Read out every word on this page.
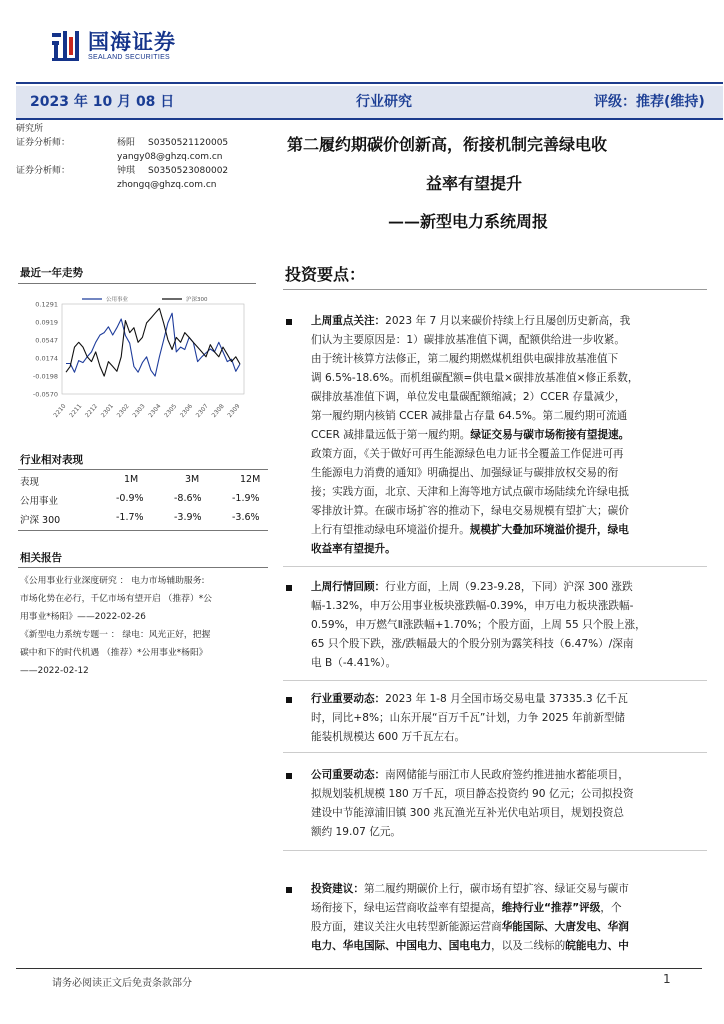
国海证券
SEALAND SECURITIES
2023 年 10 月 08 日	行业研究	评级：推荐(维持)
研究所
证券分析师：	杨阳 S0350521120005
yangy08@ghzq.com.cn
证券分析师：	钟琪 S0350523080002
zhongq@ghzq.com.cn
第二履约期碳价创新高，衔接机制完善绿电收
益率有望提升
——新型电力系统周报
最近一年走势
0.1291
0.0919
0.0547
0.0174
-0.0198
-0.0570
2210 2211 2212 2301 2302 2303 2304 2305 2306 2307 2308 2309
公用事业	沪深300
行业相对表现
表现	1M	3M	12M
公用事业	-0.9%	-8.6%	-1.9%
沪深 300	-1.7%	-3.9%	-3.6%
相关报告
《公用事业行业深度研究 ： 电力市场辅助服务:
市场化势在必行，千亿市场有望开启 （推荐）*公
用事业*杨阳》——2022-02-26
《新型电力系统专题一 ： 绿电：风光正好，把握
碳中和下的时代机遇 （推荐）*公用事业*杨阳》
——2022-02-12
投资要点：
上周重点关注：2023 年 7 月以来碳价持续上行且屡创历史新高，我
们认为主要原因是：1）碳排放基准值下调，配额供给进一步收紧。
由于统计核算方法修正，第二履约期燃煤机组供电碳排放基准值下
调 6.5%-18.6%。而机组碳配额=供电量×碳排放基准值×修正系数，
碳排放基准值下调，单位发电量碳配额缩减；2）CCER 存量减少，
第一履约期内核销 CCER 减排量占存量 64.5%。第二履约期可流通
CCER 减排量远低于第一履约期。绿证交易与碳市场衔接有望提速。
政策方面，《关于做好可再生能源绿色电力证书全覆盖工作促进可再
生能源电力消费的通知》明确提出、加强绿证与碳排放权交易的衔
接；实践方面，北京、天津和上海等地方试点碳市场陆续允许绿电抵
零排放计算。在碳市场扩容的推动下，绿电交易规模有望扩大；碳价
上行有望推动绿电环境溢价提升。规模扩大叠加环境溢价提升，绿电
收益率有望提升。
上周行情回顾：行业方面，上周（9.23-9.28，下同）沪深 300 涨跌
幅-1.32%，申万公用事业板块涨跌幅-0.39%，申万电力板块涨跌幅-
0.59%，申万燃气Ⅱ涨跌幅+1.70%；个股方面，上周 55 只个股上涨，
65 只个股下跌，涨/跌幅最大的个股分别为露笑科技（6.47%）/深南
电 B（-4.41%）。
行业重要动态：2023 年 1-8 月全国市场交易电量 37335.3 亿千瓦
时，同比+8%；山东开展“百万千瓦”计划，力争 2025 年前新型储
能装机规模达 600 万千瓦左右。
公司重要动态：南网储能与丽江市人民政府签约推进抽水蓄能项目，
拟规划装机规模 180 万千瓦，项目静态投资约 90 亿元；公司拟投资
建设中节能漳浦旧镇 300 兆瓦渔光互补光伏电站项目，规划投资总
额约 19.07 亿元。
投资建议：第二履约期碳价上行，碳市场有望扩容、绿证交易与碳市
场衔接下，绿电运营商收益率有望提高，维持行业“推荐”评级，个
股方面，建议关注火电转型新能源运营商华能国际、大唐发电、华润
电力、华电国际、中国电力、国电电力，以及二线标的皖能电力、中
请务必阅读正文后免责条款部分	1
